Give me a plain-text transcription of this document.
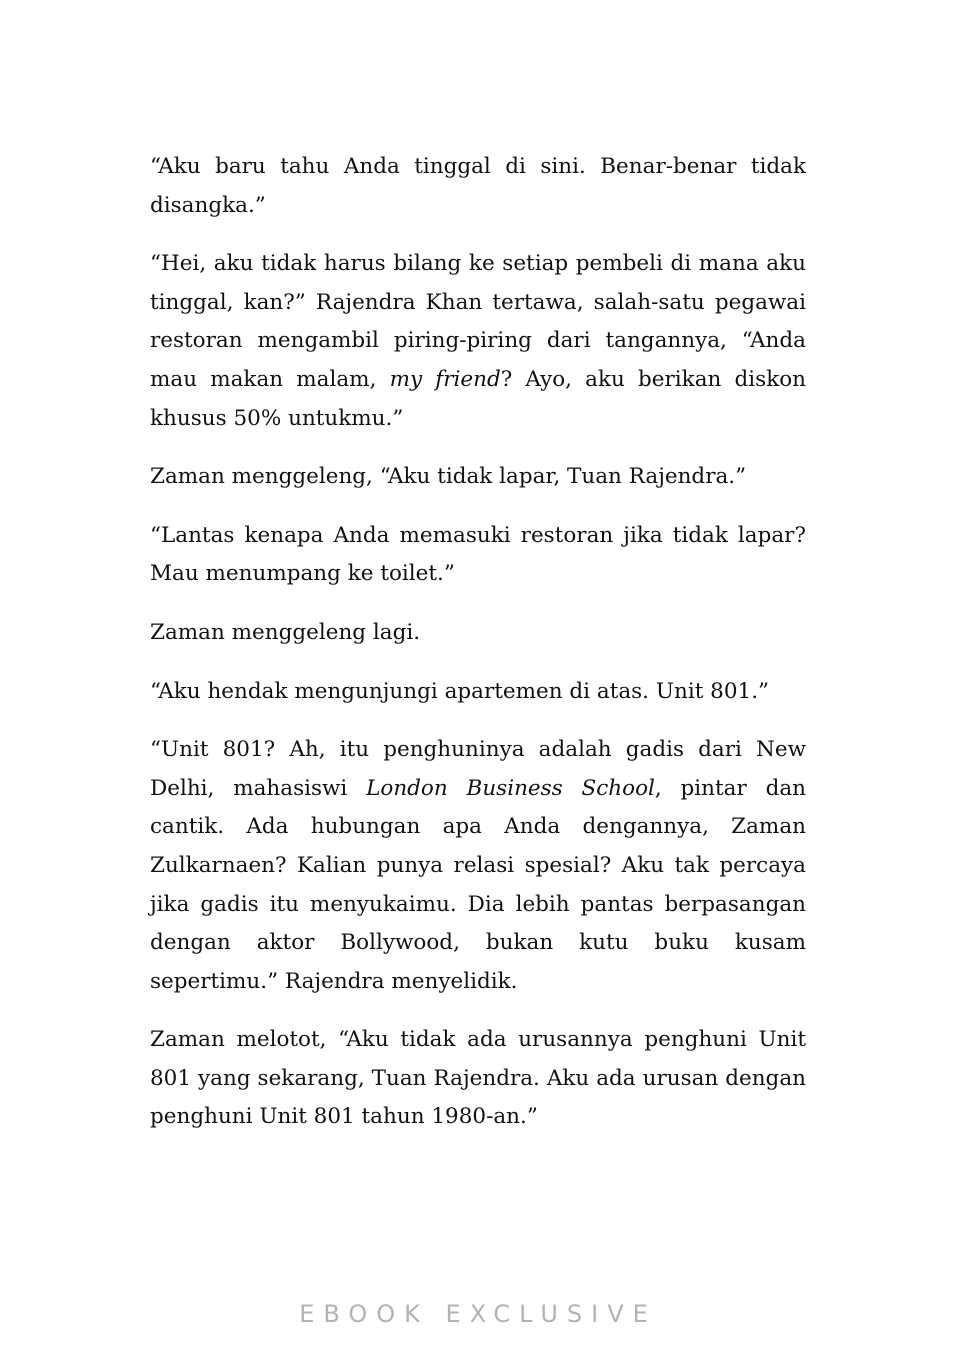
“Aku baru tahu Anda tinggal di sini. Benar-benar tidak disangka.”

“Hei, aku tidak harus bilang ke setiap pembeli di mana aku tinggal, kan?” Rajendra Khan tertawa, salah-satu pegawai restoran mengambil piring-piring dari tangannya, “Anda mau makan malam, my friend? Ayo, aku berikan diskon khusus 50% untukmu.”

Zaman menggeleng, “Aku tidak lapar, Tuan Rajendra.”

“Lantas kenapa Anda memasuki restoran jika tidak lapar? Mau menumpang ke toilet.”

Zaman menggeleng lagi.

“Aku hendak mengunjungi apartemen di atas. Unit 801.”

“Unit 801? Ah, itu penghuninya adalah gadis dari New Delhi, mahasiswi London Business School, pintar dan cantik. Ada hubungan apa Anda dengannya, Zaman Zulkarnaen? Kalian punya relasi spesial? Aku tak percaya jika gadis itu menyukaimu. Dia lebih pantas berpasangan dengan aktor Bollywood, bukan kutu buku kusam sepertimu.” Rajendra menyelidik.

Zaman melotot, “Aku tidak ada urusannya penghuni Unit 801 yang sekarang, Tuan Rajendra. Aku ada urusan dengan penghuni Unit 801 tahun 1980-an.”

EBOOK EXCLUSIVE
